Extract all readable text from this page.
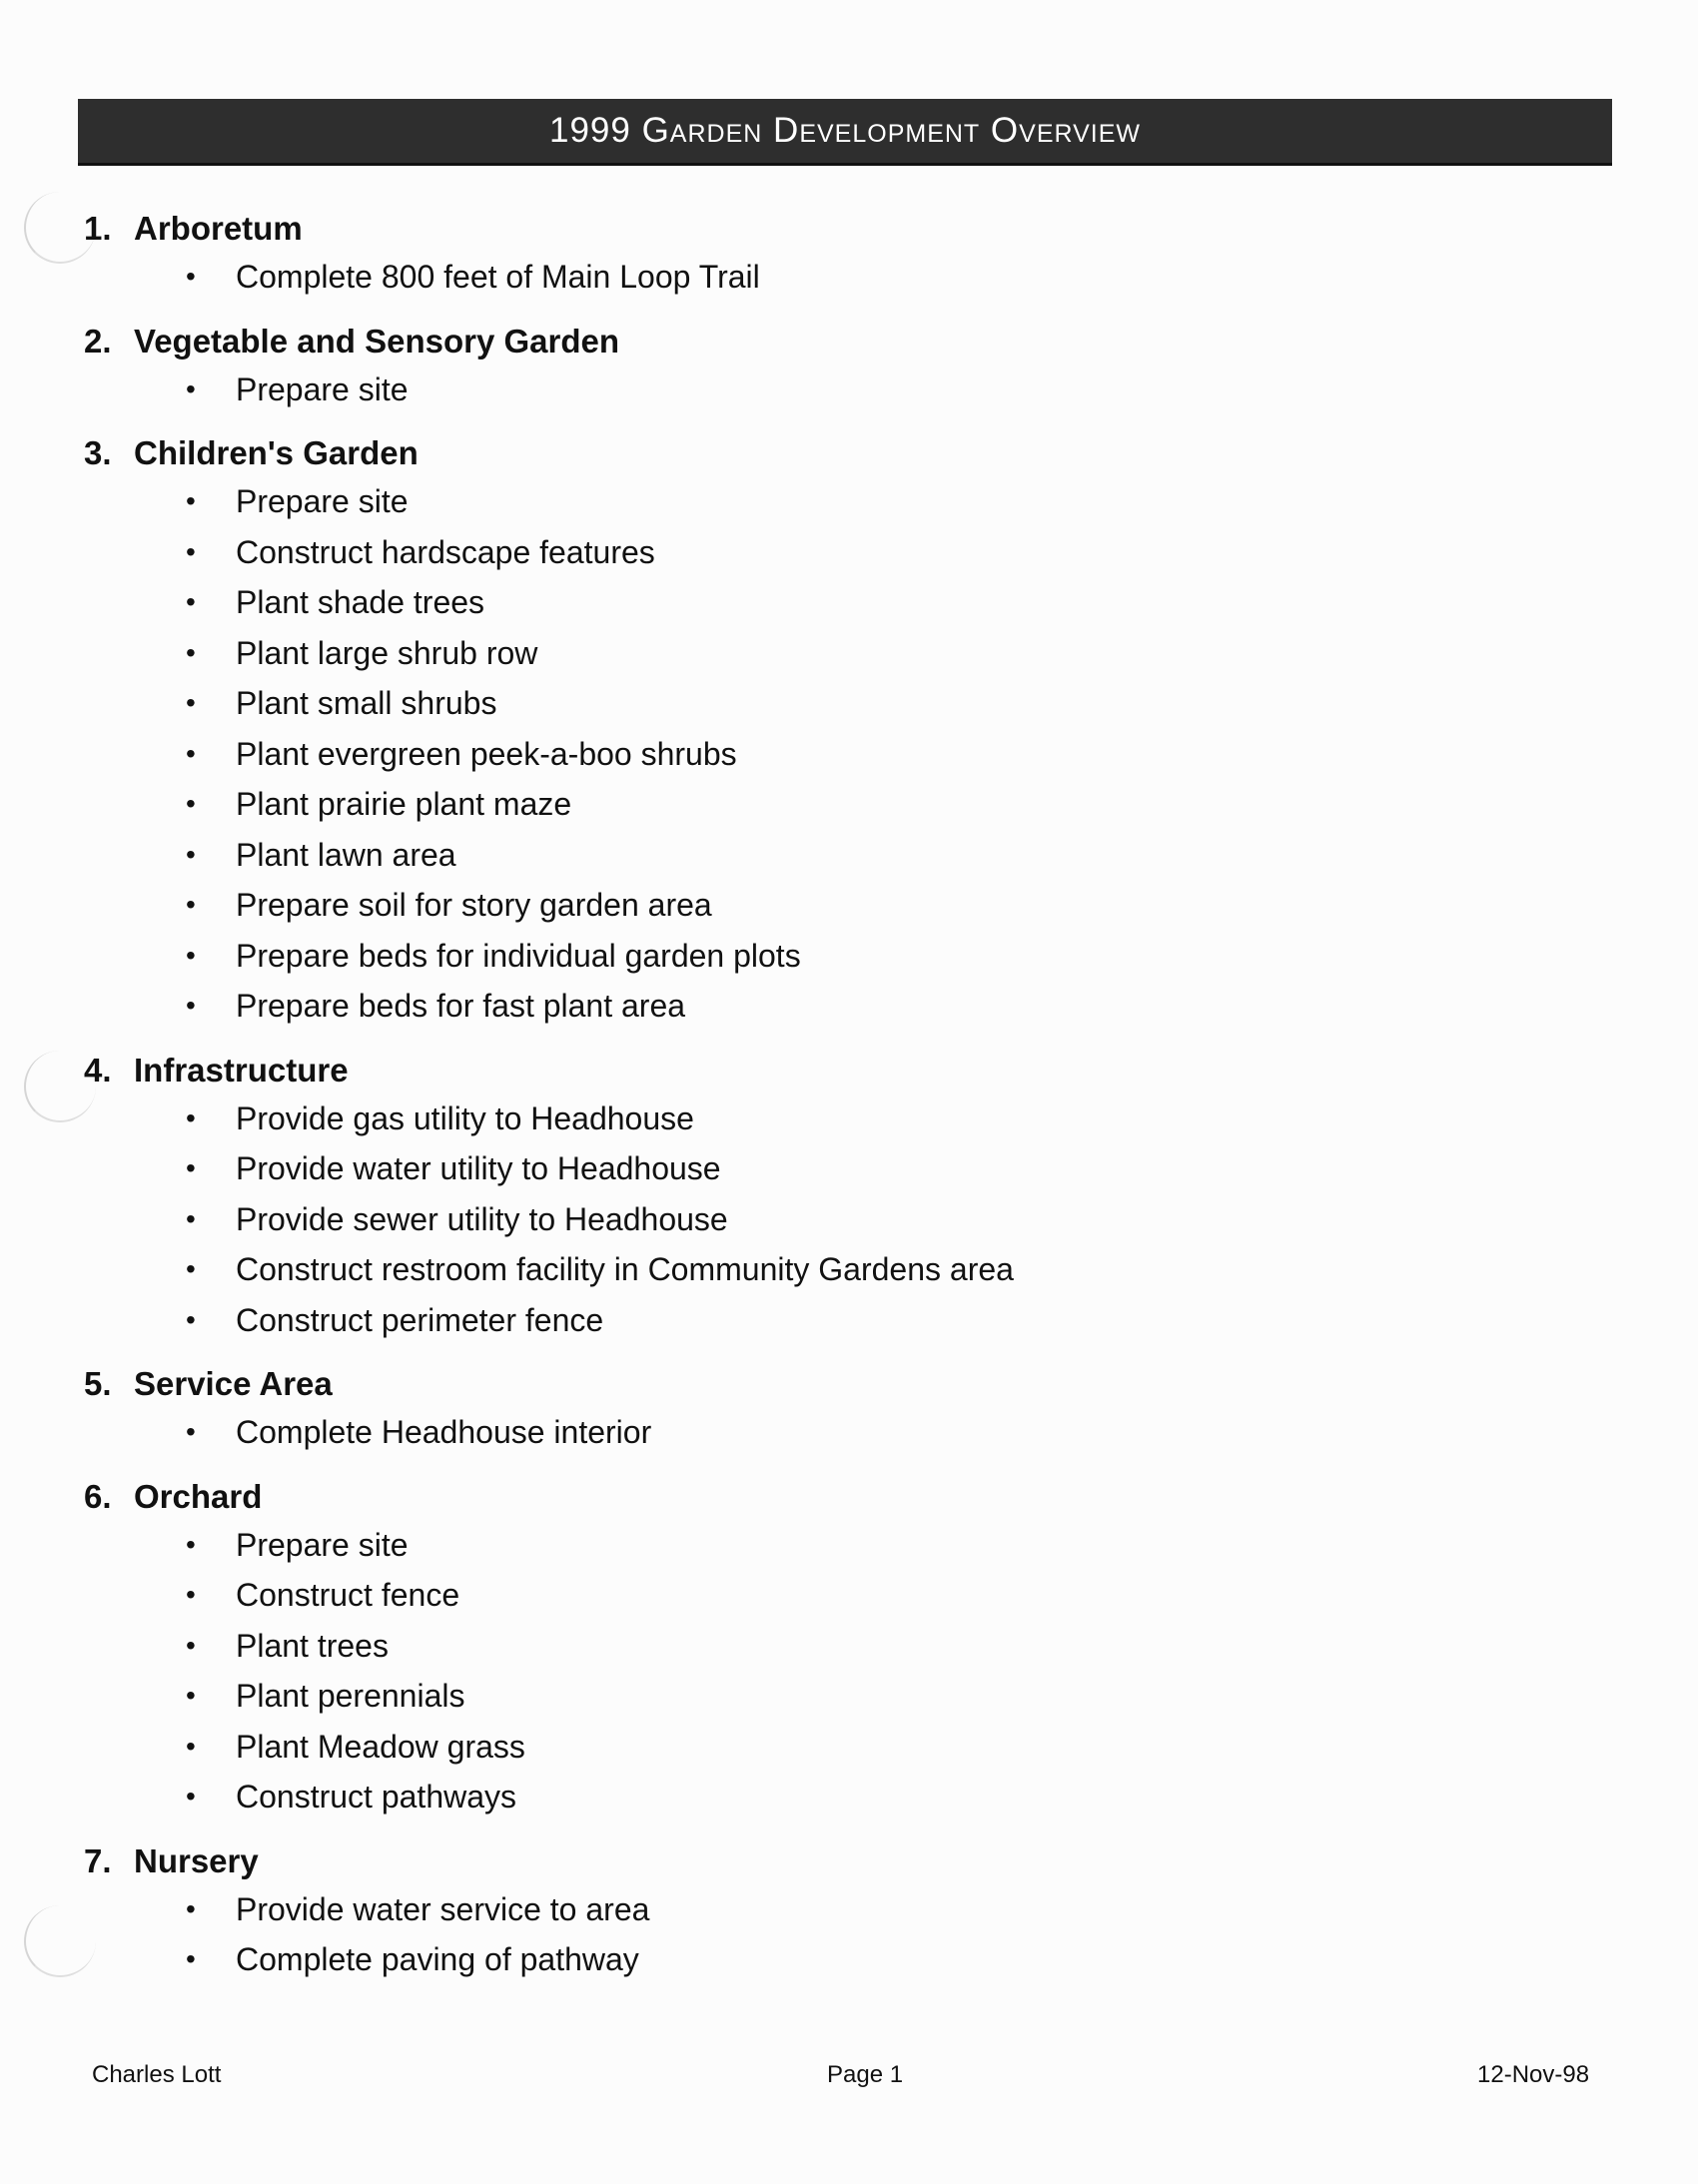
1999 Garden Development Overview
1. Arboretum
•	Complete 800 feet of Main Loop Trail
2. Vegetable and Sensory Garden
•	Prepare site
3. Children's Garden
•	Prepare site
•	Construct hardscape features
•	Plant shade trees
•	Plant large shrub row
•	Plant small shrubs
•	Plant evergreen peek-a-boo shrubs
•	Plant prairie plant maze
•	Plant lawn area
•	Prepare soil for story garden area
•	Prepare beds for individual garden plots
•	Prepare beds for fast plant area
4. Infrastructure
•	Provide gas utility to Headhouse
•	Provide water utility to Headhouse
•	Provide sewer utility to Headhouse
•	Construct restroom facility in Community Gardens area
•	Construct perimeter fence
5. Service Area
•	Complete Headhouse interior
6. Orchard
•	Prepare site
•	Construct fence
•	Plant trees
•	Plant perennials
•	Plant Meadow grass
•	Construct pathways
7. Nursery
•	Provide water service to area
•	Complete paving of pathway
Charles Lott	Page 1	12-Nov-98
